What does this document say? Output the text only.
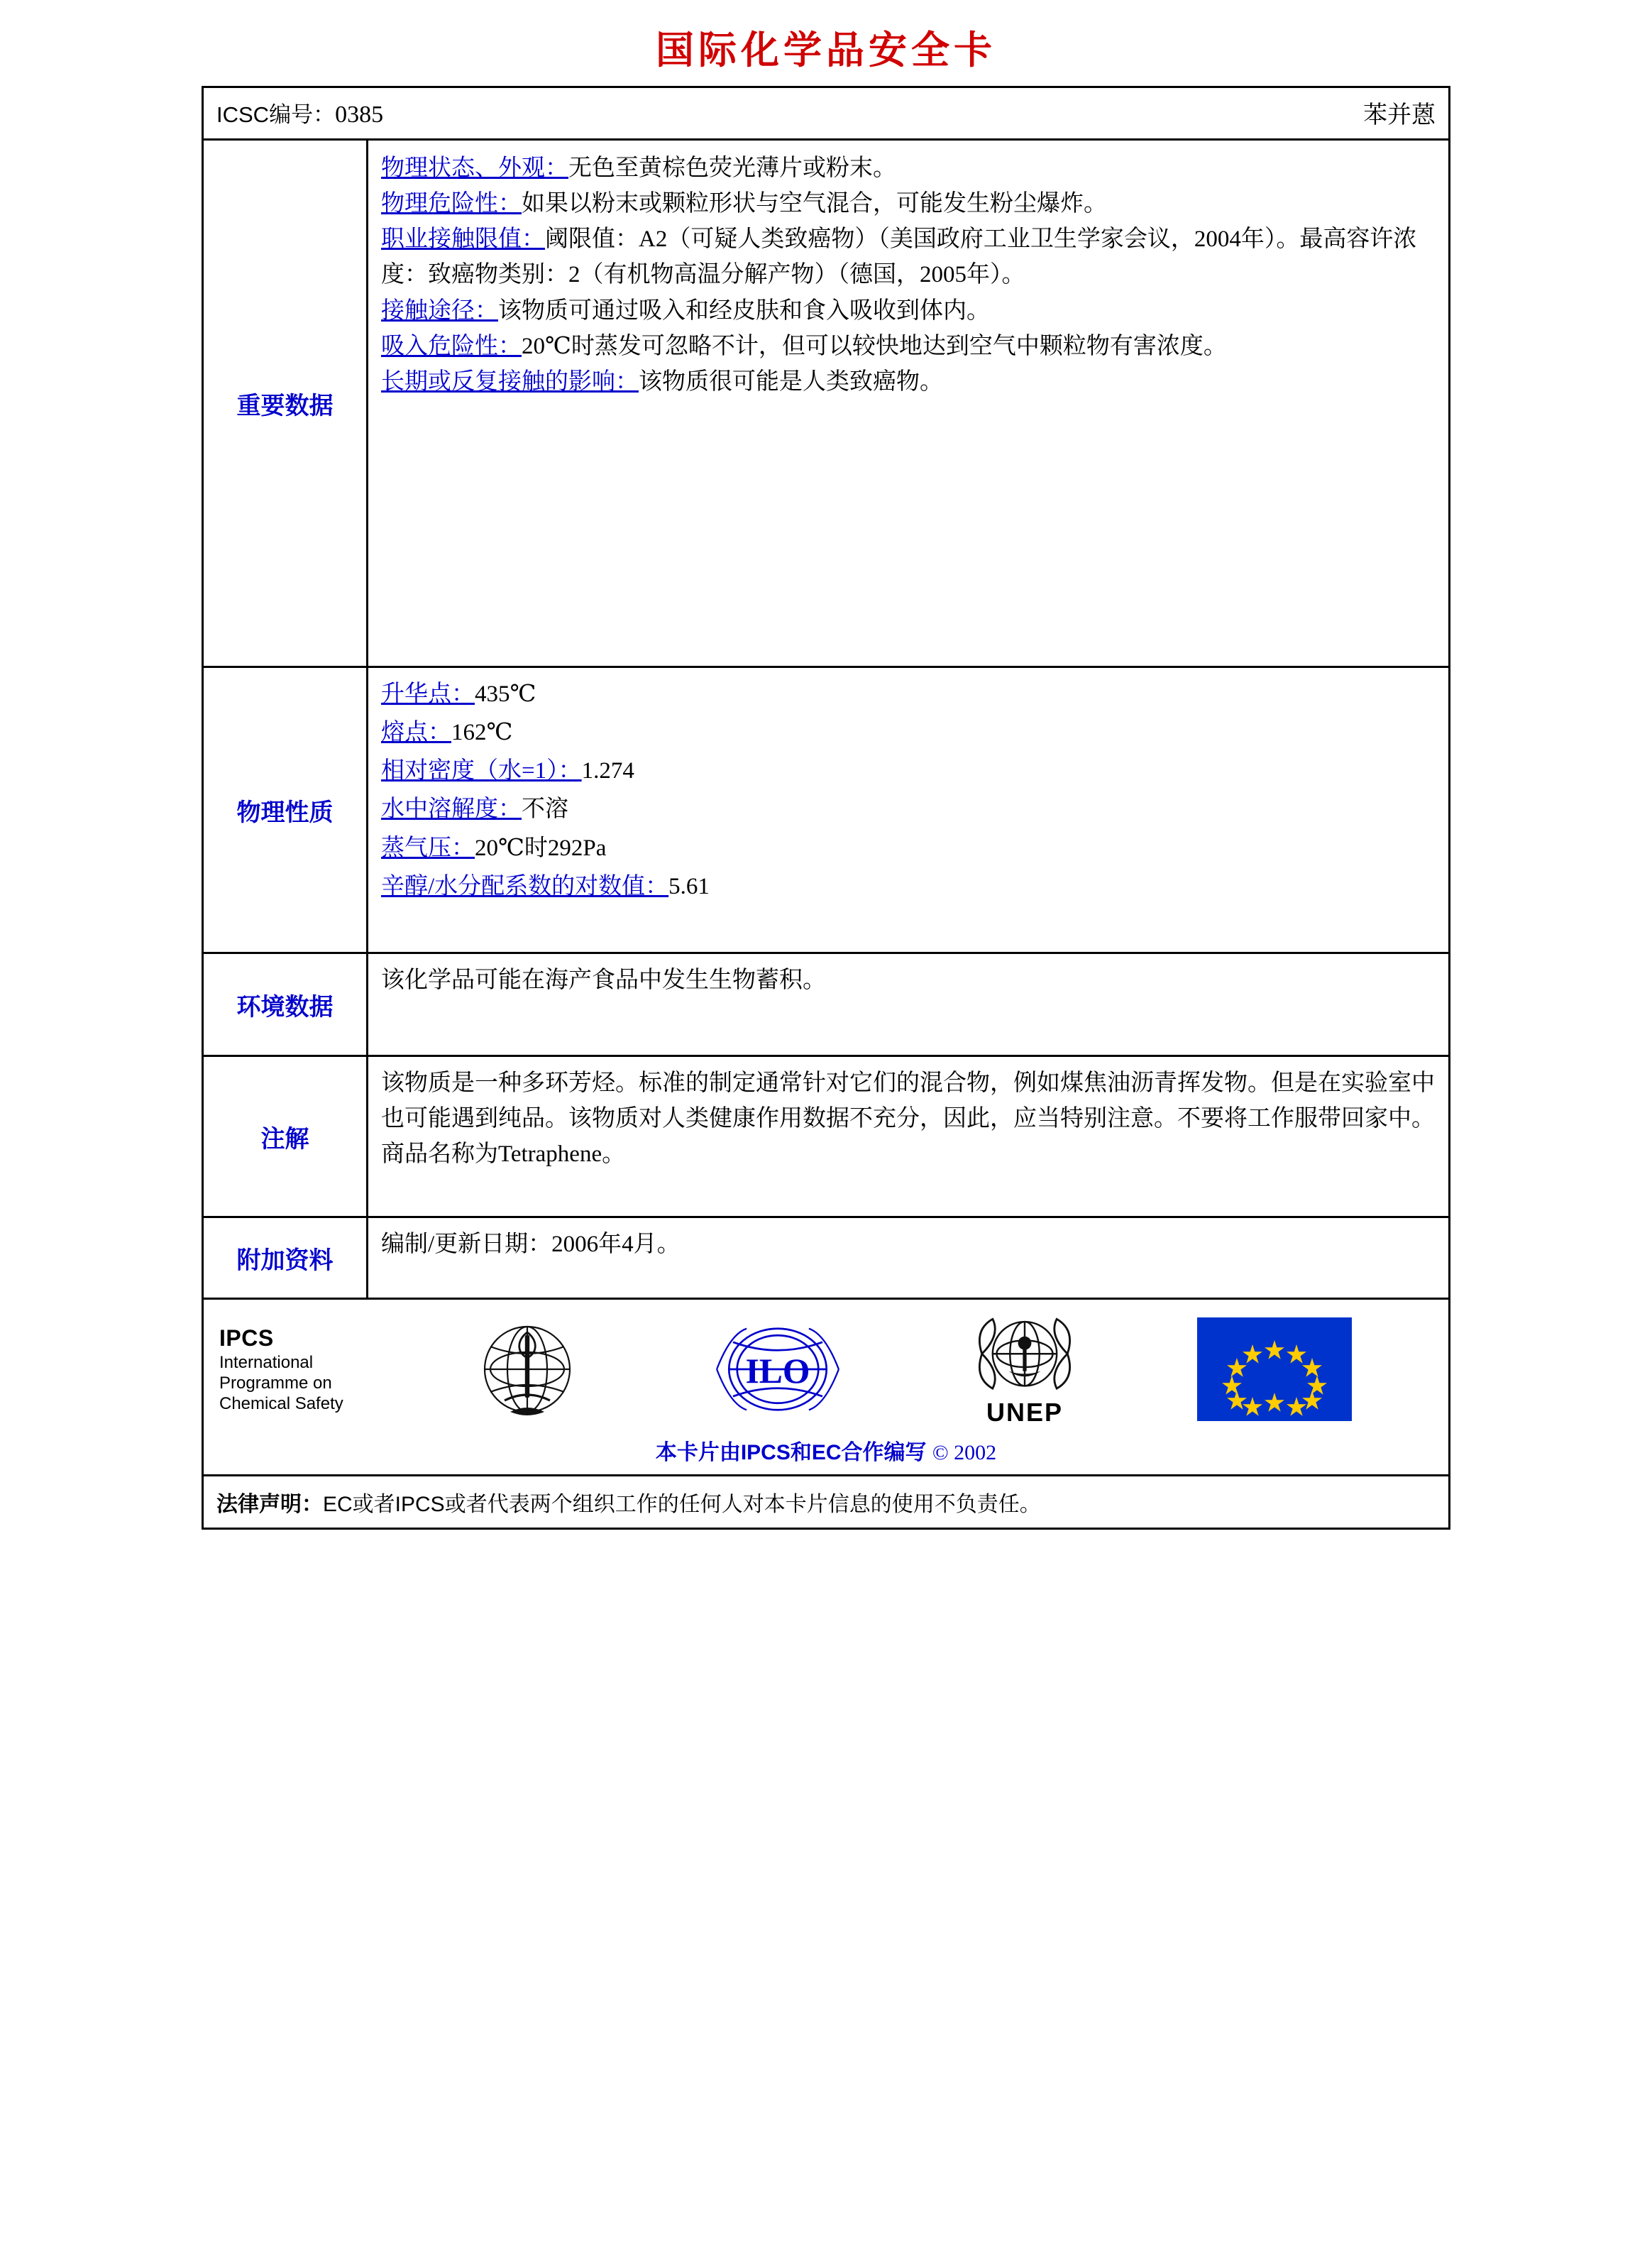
国际化学品安全卡
ICSC编号：0385	苯并蒽
重要数据

物理状态、外观：无色至黄棕色荧光薄片或粉末。

物理危险性：如果以粉末或颗粒形状与空气混合，可能发生粉尘爆炸。

职业接触限值：阈限值：A2（可疑人类致癌物）（美国政府工业卫生学家会议，2004年）。最高容许浓度：致癌物类别：2（有机物高温分解产物）（德国，2005年）。

接触途径：该物质可通过吸入和经皮肤和食入吸收到体内。

吸入危险性：20℃时蒸发可忽略不计，但可以较快地达到空气中颗粒物有害浓度。

长期或反复接触的影响：该物质很可能是人类致癌物。

物理性质

升华点：435℃

熔点：162℃

相对密度（水=1）：1.274

水中溶解度：不溶

蒸气压：20℃时292Pa

辛醇/水分配系数的对数值：5.61

环境数据
该化学品可能在海产食品中发生生物蓄积。
注解
该物质是一种多环芳烃。标准的制定通常针对它们的混合物，例如煤焦油沥青挥发物。但是在实验室中也可能遇到纯品。该物质对人类健康作用数据不充分，因此，应当特别注意。不要将工作服带回家中。商品名称为Tetraphene。
附加资料
编制/更新日期：2006年4月。
IPCS
International
Programme on
Chemical Safety
ILO
UNEP
本卡片由IPCS和EC合作编写 © 2002
法律声明：EC或者IPCS或者代表两个组织工作的任何人对本卡片信息的使用不负责任。
